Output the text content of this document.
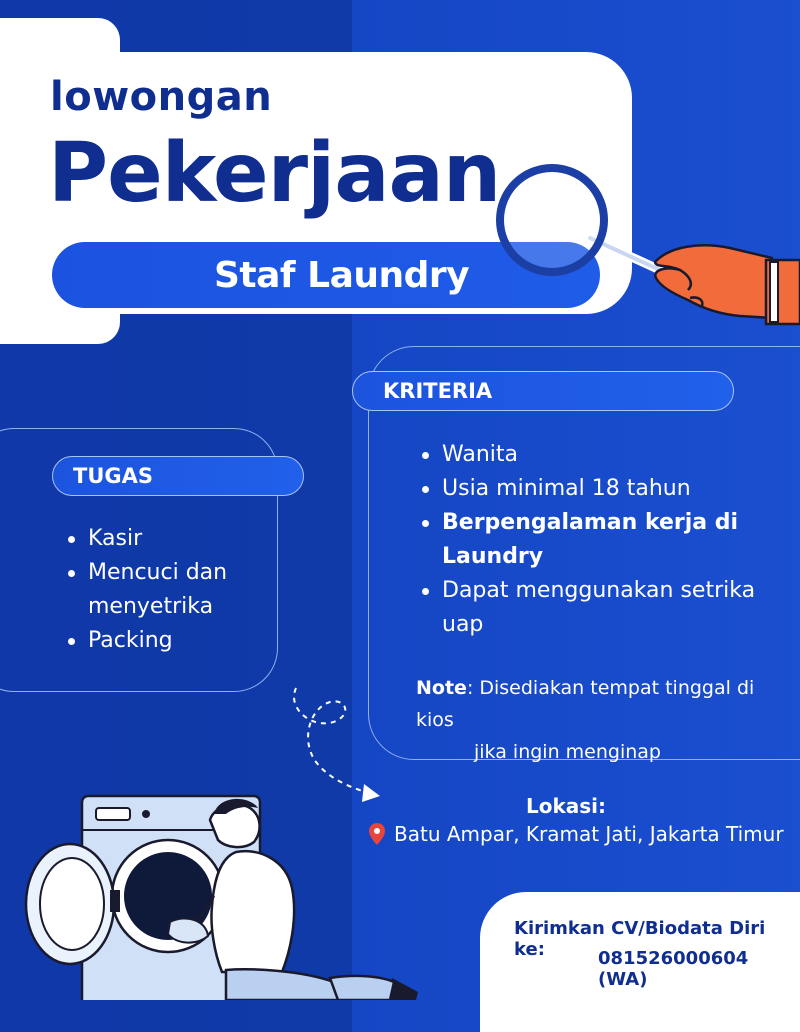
lowongan
Pekerjaan
Staf Laundry
TUGAS
Kasir
Mencuci dan menyetrika
Packing
KRITERIA
Wanita
Usia minimal 18 tahun
Berpengalaman kerja di Laundry
Dapat menggunakan setrika uap
Note: Disediakan tempat tinggal di kios
jika ingin menginap
Lokasi:
Batu Ampar, Kramat Jati, Jakarta Timur
Kirimkan CV/Biodata Diri ke:	081526000604 (WA)
